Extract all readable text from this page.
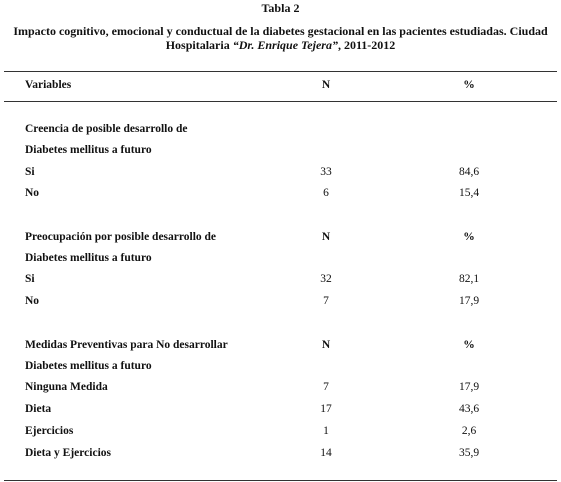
Tabla 2
Impacto cognitivo, emocional y conductual de la diabetes gestacional en las pacientes estudiadas. Ciudad Hospitalaria “Dr. Enrique Tejera”, 2011-2012
Variables	N	%
Creencia de posible desarrollo de
Diabetes mellitus a futuro
Si	33	84,6
No	6	15,4
Preocupación por posible desarrollo de	N	%
Diabetes mellitus a futuro
Si	32	82,1
No	7	17,9
Medidas Preventivas para No desarrollar	N	%
Diabetes mellitus a futuro
Ninguna Medida	7	17,9
Dieta	17	43,6
Ejercicios	1	2,6
Dieta y Ejercicios	14	35,9
